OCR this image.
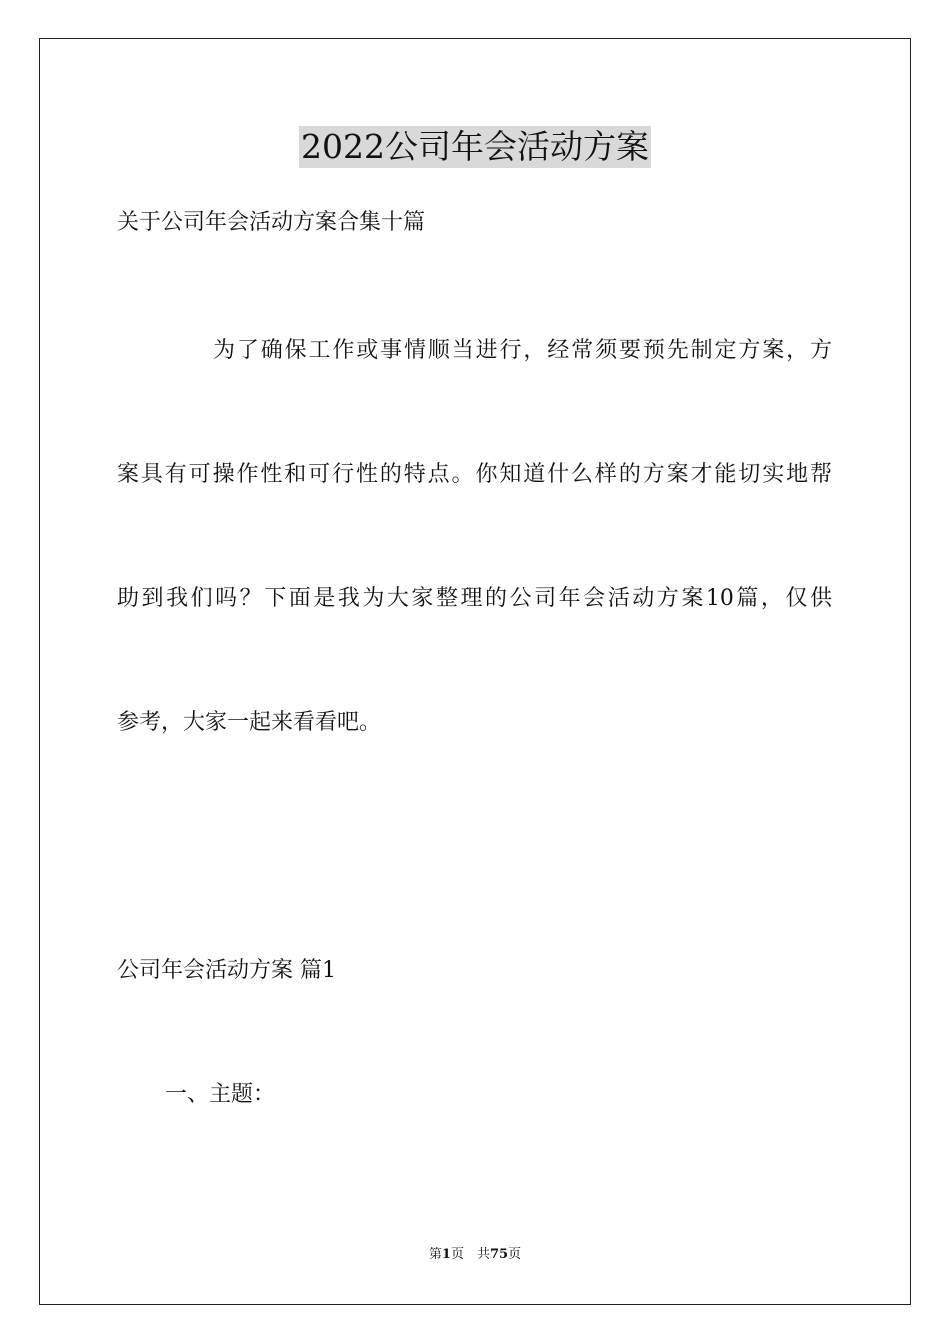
2022公司年会活动方案
关于公司年会活动方案合集十篇
为了确保工作或事情顺当进行，经常须要预先制定方案，方
案具有可操作性和可行性的特点。你知道什么样的方案才能切实地帮
助到我们吗？下面是我为大家整理的公司年会活动方案10篇，仅供
参考，大家一起来看看吧。
公司年会活动方案 篇1
一、主题：
第1页　共75页
